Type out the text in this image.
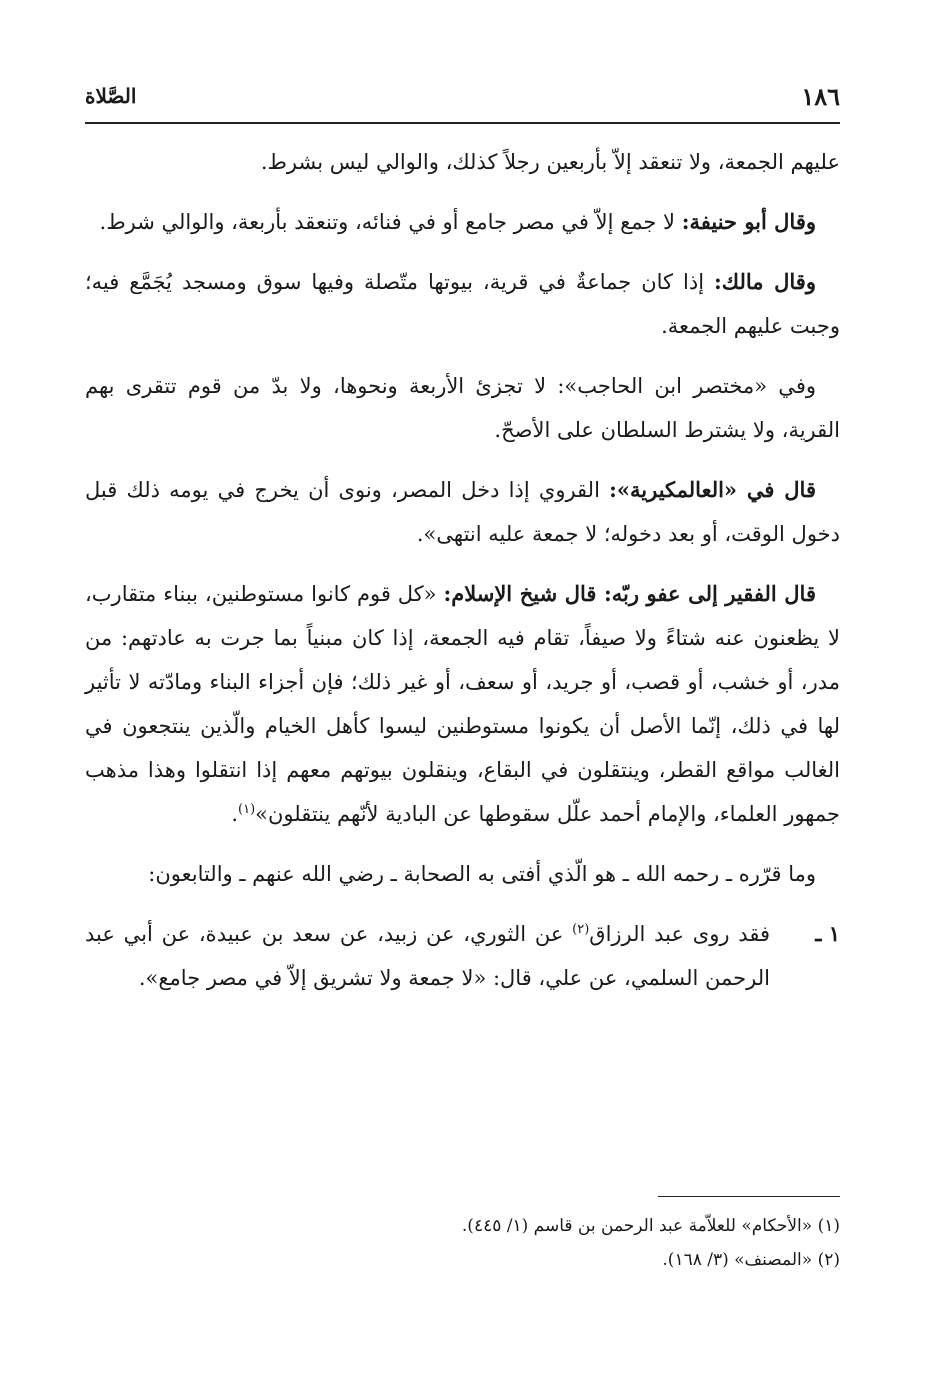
١٨٦
الصَّلاة

عليهم الجمعة، ولا تنعقد إلاّ بأربعين رجلاً كذلك، والوالي ليس بشرط.

وقال أبو حنيفة: لا جمع إلاّ في مصر جامع أو في فنائه، وتنعقد بأربعة، والوالي شرط.

وقال مالك: إذا كان جماعةٌ في قرية، بيوتها متّصلة وفيها سوق ومسجد يُجَمَّع فيه؛ وجبت عليهم الجمعة.

وفي «مختصر ابن الحاجب»: لا تجزئ الأربعة ونحوها، ولا بدّ من قوم تتقرى بهم القرية، ولا يشترط السلطان على الأصحّ.

قال في «العالمكيرية»: القروي إذا دخل المصر، ونوى أن يخرج في يومه ذلك قبل دخول الوقت، أو بعد دخوله؛ لا جمعة عليه انتهى».

قال الفقير إلى عفو ربّه: قال شيخ الإسلام: «كل قوم كانوا مستوطنين، ببناء متقارب، لا يظعنون عنه شتاءً ولا صيفاً، تقام فيه الجمعة، إذا كان مبنياً بما جرت به عادتهم: من مدر، أو خشب، أو قصب، أو جريد، أو سعف، أو غير ذلك؛ فإن أجزاء البناء ومادّته لا تأثير لها في ذلك، إنّما الأصل أن يكونوا مستوطنين ليسوا كأهل الخيام والّذين ينتجعون في الغالب مواقع القطر، وينتقلون في البقاع، وينقلون بيوتهم معهم إذا انتقلوا وهذا مذهب جمهور العلماء، والإمام أحمد علّل سقوطها عن البادية لأنّهم ينتقلون»$^{(١)}$.

وما قرّره ـ رحمه الله ـ هو الّذي أفتى به الصحابة ـ رضي الله عنهم ـ والتابعون:

١ ـ
فقد روى عبد الرزاق$^{(٢)}$ عن الثوري، عن زبيد، عن سعد بن عبيدة، عن أبي عبد الرحمن السلمي، عن علي، قال: «لا جمعة ولا تشريق إلاّ في مصر جامع».

(١) «الأحكام» للعلاّمة عبد الرحمن بن قاسم (١/ ٤٤٥).

(٢) «المصنف» (٣/ ١٦٨).
